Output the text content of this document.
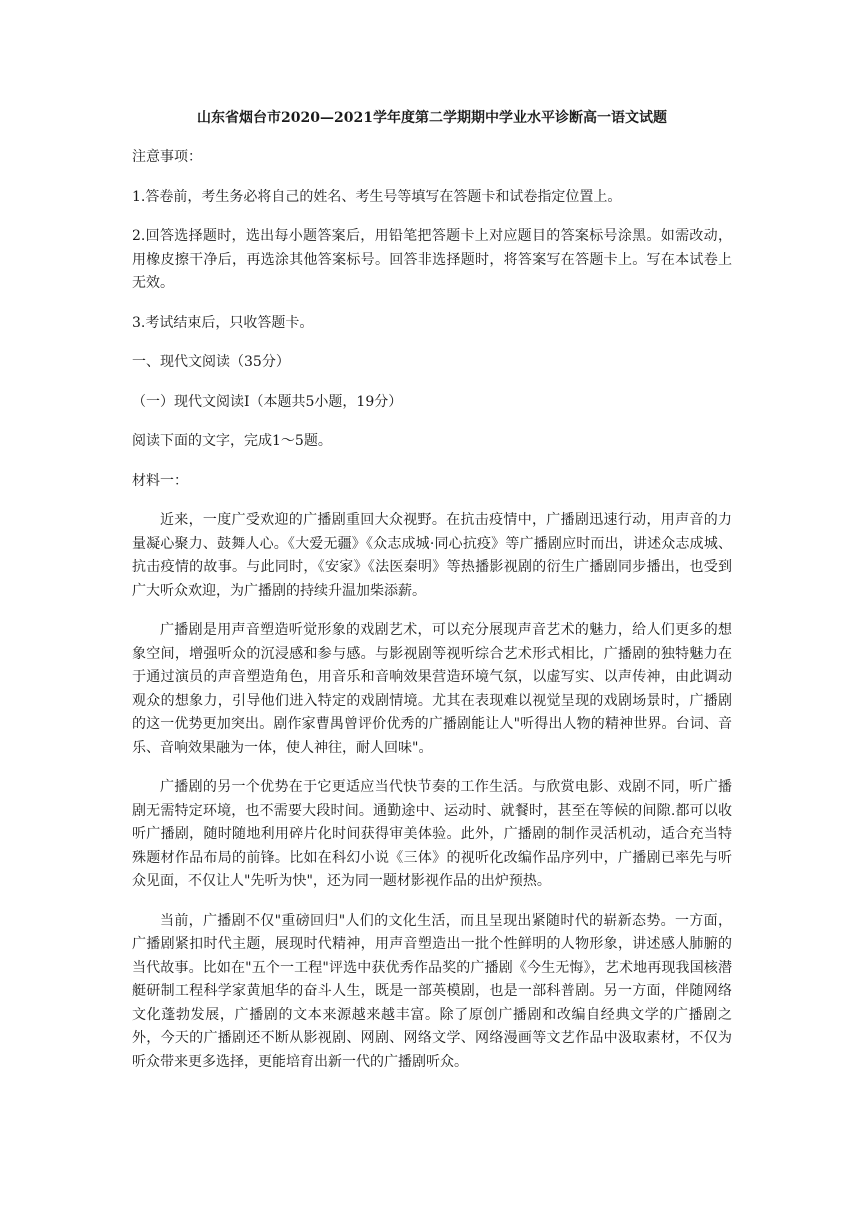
山东省烟台市2020—2021学年度第二学期期中学业水平诊断高一语文试题

注意事项：

1.答卷前，考生务必将自己的姓名、考生号等填写在答题卡和试卷指定位置上。

2.回答选择题时，选出每小题答案后，用铅笔把答题卡上对应题目的答案标号涂黑。如需改动，用橡皮擦干净后，再选涂其他答案标号。回答非选择题时，将答案写在答题卡上。写在本试卷上无效。

3.考试结束后，只收答题卡。

一、现代文阅读（35分）

（一）现代文阅读Ⅰ（本题共5小题，19分）

阅读下面的文字，完成1～5题。

材料一：

近来，一度广受欢迎的广播剧重回大众视野。在抗击疫情中，广播剧迅速行动，用声音的力量凝心聚力、鼓舞人心。《大爱无疆》《众志成城·同心抗疫》等广播剧应时而出，讲述众志成城、抗击疫情的故事。与此同时，《安家》《法医秦明》等热播影视剧的衍生广播剧同步播出，也受到广大听众欢迎，为广播剧的持续升温加柴添薪。

广播剧是用声音塑造听觉形象的戏剧艺术，可以充分展现声音艺术的魅力，给人们更多的想象空间，增强听众的沉浸感和参与感。与影视剧等视听综合艺术形式相比，广播剧的独特魅力在于通过演员的声音塑造角色，用音乐和音响效果营造环境气氛，以虚写实、以声传神，由此调动观众的想象力，引导他们进入特定的戏剧情境。尤其在表现难以视觉呈现的戏剧场景时，广播剧的这一优势更加突出。剧作家曹禺曾评价优秀的广播剧能让人"听得出人物的精神世界。台词、音乐、音响效果融为一体，使人神往，耐人回味"。

广播剧的另一个优势在于它更适应当代快节奏的工作生活。与欣赏电影、戏剧不同，听广播剧无需特定环境，也不需要大段时间。通勤途中、运动时、就餐时，甚至在等候的间隙.都可以收听广播剧，随时随地利用碎片化时间获得审美体验。此外，广播剧的制作灵活机动，适合充当特殊题材作品布局的前锋。比如在科幻小说《三体》的视听化改编作品序列中，广播剧已率先与听众见面，不仅让人"先听为快"，还为同一题材影视作品的出炉预热。

当前，广播剧不仅"重磅回归"人们的文化生活，而且呈现出紧随时代的崭新态势。一方面，广播剧紧扣时代主题，展现时代精神，用声音塑造出一批个性鲜明的人物形象，讲述感人肺腑的当代故事。比如在"五个一工程"评选中获优秀作品奖的广播剧《今生无悔》，艺术地再现我国核潜艇研制工程科学家黄旭华的奋斗人生，既是一部英模剧，也是一部科普剧。另一方面，伴随网络文化蓬勃发展，广播剧的文本来源越来越丰富。除了原创广播剧和改编自经典文学的广播剧之外，今天的广播剧还不断从影视剧、网剧、网络文学、网络漫画等文艺作品中汲取素材，不仅为听众带来更多选择，更能培育出新一代的广播剧听众。
